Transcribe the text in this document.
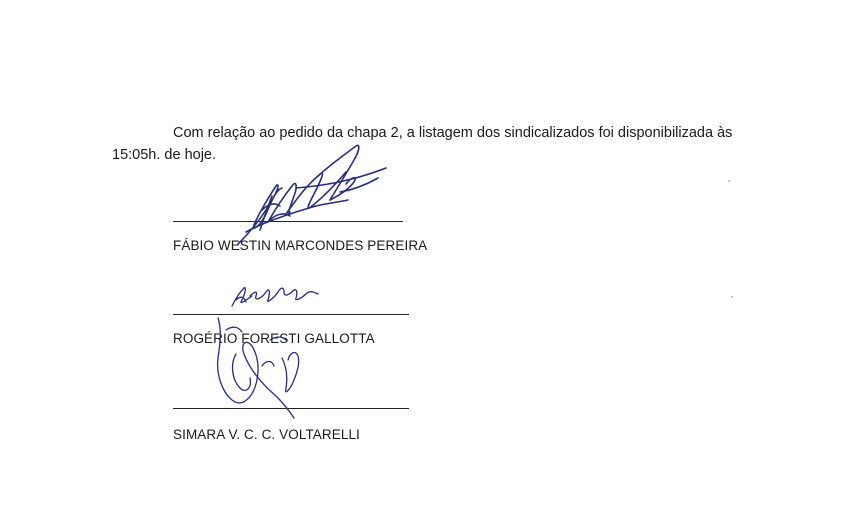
Com relação ao pedido da chapa 2, a listagem dos sindicalizados foi disponibilizada às
15:05h. de hoje.

FÁBIO WESTIN MARCONDES PEREIRA
ROGÉRIO FORESTI GALLOTTA
SIMARA V. C. C. VOLTARELLI
